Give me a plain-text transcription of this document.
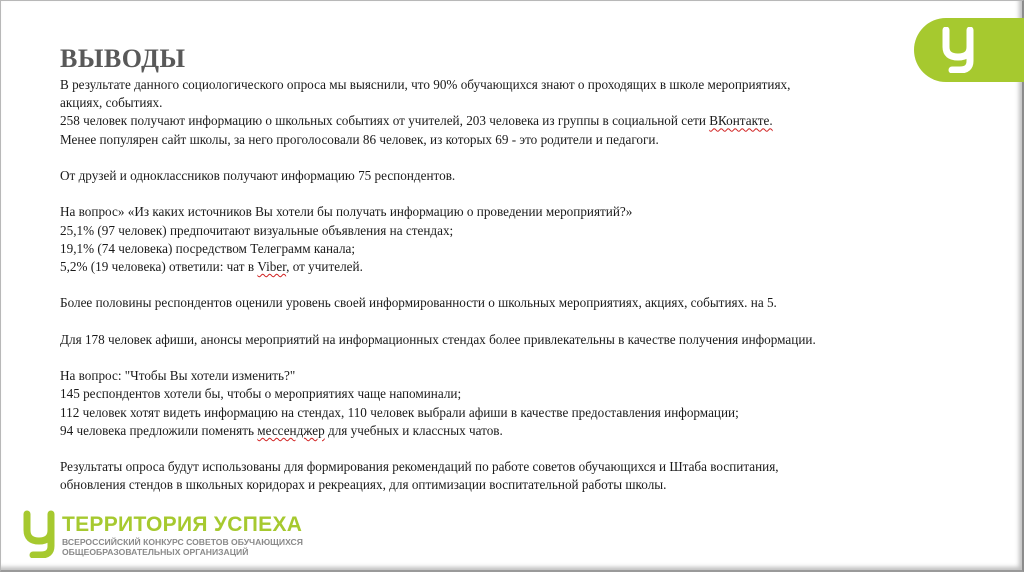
ВЫВОДЫ

В результате данного социологического опроса мы выяснили, что 90% обучающихся знают о проходящих в школе мероприятиях,

акциях, событиях.

258 человек получают информацию о школьных событиях от учителей, 203 человека из группы в социальной сети ВКонтакте.

Менее популярен сайт школы, за него проголосовали 86 человек, из которых 69 - это родители и педагоги.

От друзей и одноклассников получают информацию 75 респондентов.

На вопрос» «Из каких источников Вы хотели бы получать информацию о проведении мероприятий?»

25,1% (97 человек) предпочитают визуальные объявления на стендах;

19,1% (74 человека) посредством Телеграмм канала;

5,2% (19 человека) ответили: чат в Viber, от учителей.

Более половины респондентов оценили уровень своей информированности о школьных мероприятиях, акциях, событиях. на 5.

Для 178 человек афиши, анонсы мероприятий на информационных стендах более привлекательны в качестве получения информации.

На вопрос: "Чтобы Вы хотели изменить?"

145 респондентов хотели бы, чтобы о мероприятиях чаще напоминали;

112 человек хотят видеть информацию на стендах, 110 человек выбрали афиши в качестве предоставления информации;

94 человека предложили поменять мессенджер для учебных и классных чатов.

Результаты опроса будут использованы для формирования рекомендаций по работе советов обучающихся и Штаба воспитания,

обновления стендов в школьных коридорах и рекреациях, для оптимизации воспитательной работы школы.

ТЕРРИТОРИЯ УСПЕХА
ВСЕРОССИЙСКИЙ КОНКУРС СОВЕТОВ ОБУЧАЮЩИХСЯ
ОБЩЕОБРАЗОВАТЕЛЬНЫХ ОРГАНИЗАЦИЙ
